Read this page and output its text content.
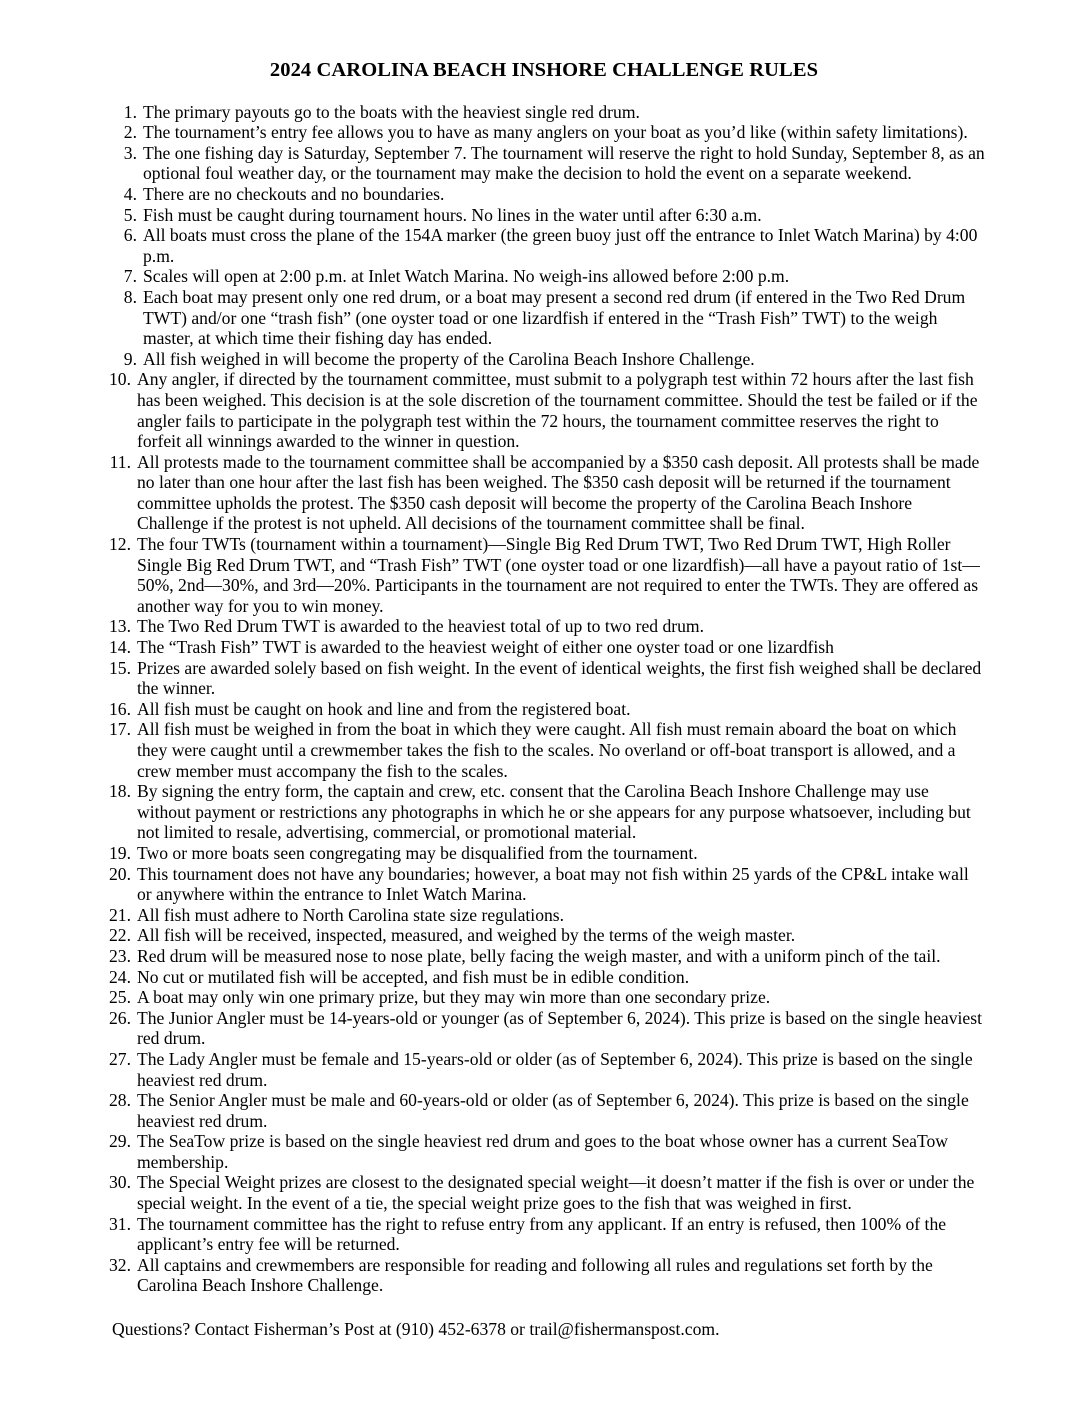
2024 CAROLINA BEACH INSHORE CHALLENGE RULES
1. The primary payouts go to the boats with the heaviest single red drum.
2. The tournament’s entry fee allows you to have as many anglers on your boat as you’d like (within safety limitations).
3. The one fishing day is Saturday, September 7. The tournament will reserve the right to hold Sunday, September 8, as an optional foul weather day, or the tournament may make the decision to hold the event on a separate weekend.
4. There are no checkouts and no boundaries.
5. Fish must be caught during tournament hours. No lines in the water until after 6:30 a.m.
6. All boats must cross the plane of the 154A marker (the green buoy just off the entrance to Inlet Watch Marina) by 4:00 p.m.
7. Scales will open at 2:00 p.m. at Inlet Watch Marina. No weigh-ins allowed before 2:00 p.m.
8. Each boat may present only one red drum, or a boat may present a second red drum (if entered in the Two Red Drum TWT) and/or one “trash fish” (one oyster toad or one lizardfish if entered in the “Trash Fish” TWT) to the weigh master, at which time their fishing day has ended.
9. All fish weighed in will become the property of the Carolina Beach Inshore Challenge.
10. Any angler, if directed by the tournament committee, must submit to a polygraph test within 72 hours after the last fish has been weighed. This decision is at the sole discretion of the tournament committee. Should the test be failed or if the angler fails to participate in the polygraph test within the 72 hours, the tournament committee reserves the right to forfeit all winnings awarded to the winner in question.
11. All protests made to the tournament committee shall be accompanied by a $350 cash deposit. All protests shall be made no later than one hour after the last fish has been weighed. The $350 cash deposit will be returned if the tournament committee upholds the protest. The $350 cash deposit will become the property of the Carolina Beach Inshore Challenge if the protest is not upheld. All decisions of the tournament committee shall be final.
12. The four TWTs (tournament within a tournament)—Single Big Red Drum TWT, Two Red Drum TWT, High Roller Single Big Red Drum TWT, and “Trash Fish” TWT (one oyster toad or one lizardfish)—all have a payout ratio of 1st—50%, 2nd—30%, and 3rd—20%. Participants in the tournament are not required to enter the TWTs. They are offered as another way for you to win money.
13. The Two Red Drum TWT is awarded to the heaviest total of up to two red drum.
14. The “Trash Fish” TWT is awarded to the heaviest weight of either one oyster toad or one lizardfish
15. Prizes are awarded solely based on fish weight. In the event of identical weights, the first fish weighed shall be declared the winner.
16. All fish must be caught on hook and line and from the registered boat.
17. All fish must be weighed in from the boat in which they were caught. All fish must remain aboard the boat on which they were caught until a crewmember takes the fish to the scales. No overland or off-boat transport is allowed, and a crew member must accompany the fish to the scales.
18. By signing the entry form, the captain and crew, etc. consent that the Carolina Beach Inshore Challenge may use without payment or restrictions any photographs in which he or she appears for any purpose whatsoever, including but not limited to resale, advertising, commercial, or promotional material.
19. Two or more boats seen congregating may be disqualified from the tournament.
20. This tournament does not have any boundaries; however, a boat may not fish within 25 yards of the CP&L intake wall or anywhere within the entrance to Inlet Watch Marina.
21. All fish must adhere to North Carolina state size regulations.
22. All fish will be received, inspected, measured, and weighed by the terms of the weigh master.
23. Red drum will be measured nose to nose plate, belly facing the weigh master, and with a uniform pinch of the tail.
24. No cut or mutilated fish will be accepted, and fish must be in edible condition.
25. A boat may only win one primary prize, but they may win more than one secondary prize.
26. The Junior Angler must be 14-years-old or younger (as of September 6, 2024). This prize is based on the single heaviest red drum.
27. The Lady Angler must be female and 15-years-old or older (as of September 6, 2024). This prize is based on the single heaviest red drum.
28. The Senior Angler must be male and 60-years-old or older (as of September 6, 2024). This prize is based on the single heaviest red drum.
29. The SeaTow prize is based on the single heaviest red drum and goes to the boat whose owner has a current SeaTow membership.
30. The Special Weight prizes are closest to the designated special weight—it doesn’t matter if the fish is over or under the special weight. In the event of a tie, the special weight prize goes to the fish that was weighed in first.
31. The tournament committee has the right to refuse entry from any applicant. If an entry is refused, then 100% of the applicant’s entry fee will be returned.
32. All captains and crewmembers are responsible for reading and following all rules and regulations set forth by the Carolina Beach Inshore Challenge.

Questions? Contact Fisherman’s Post at (910) 452-6378 or trail@fishermanspost.com.
